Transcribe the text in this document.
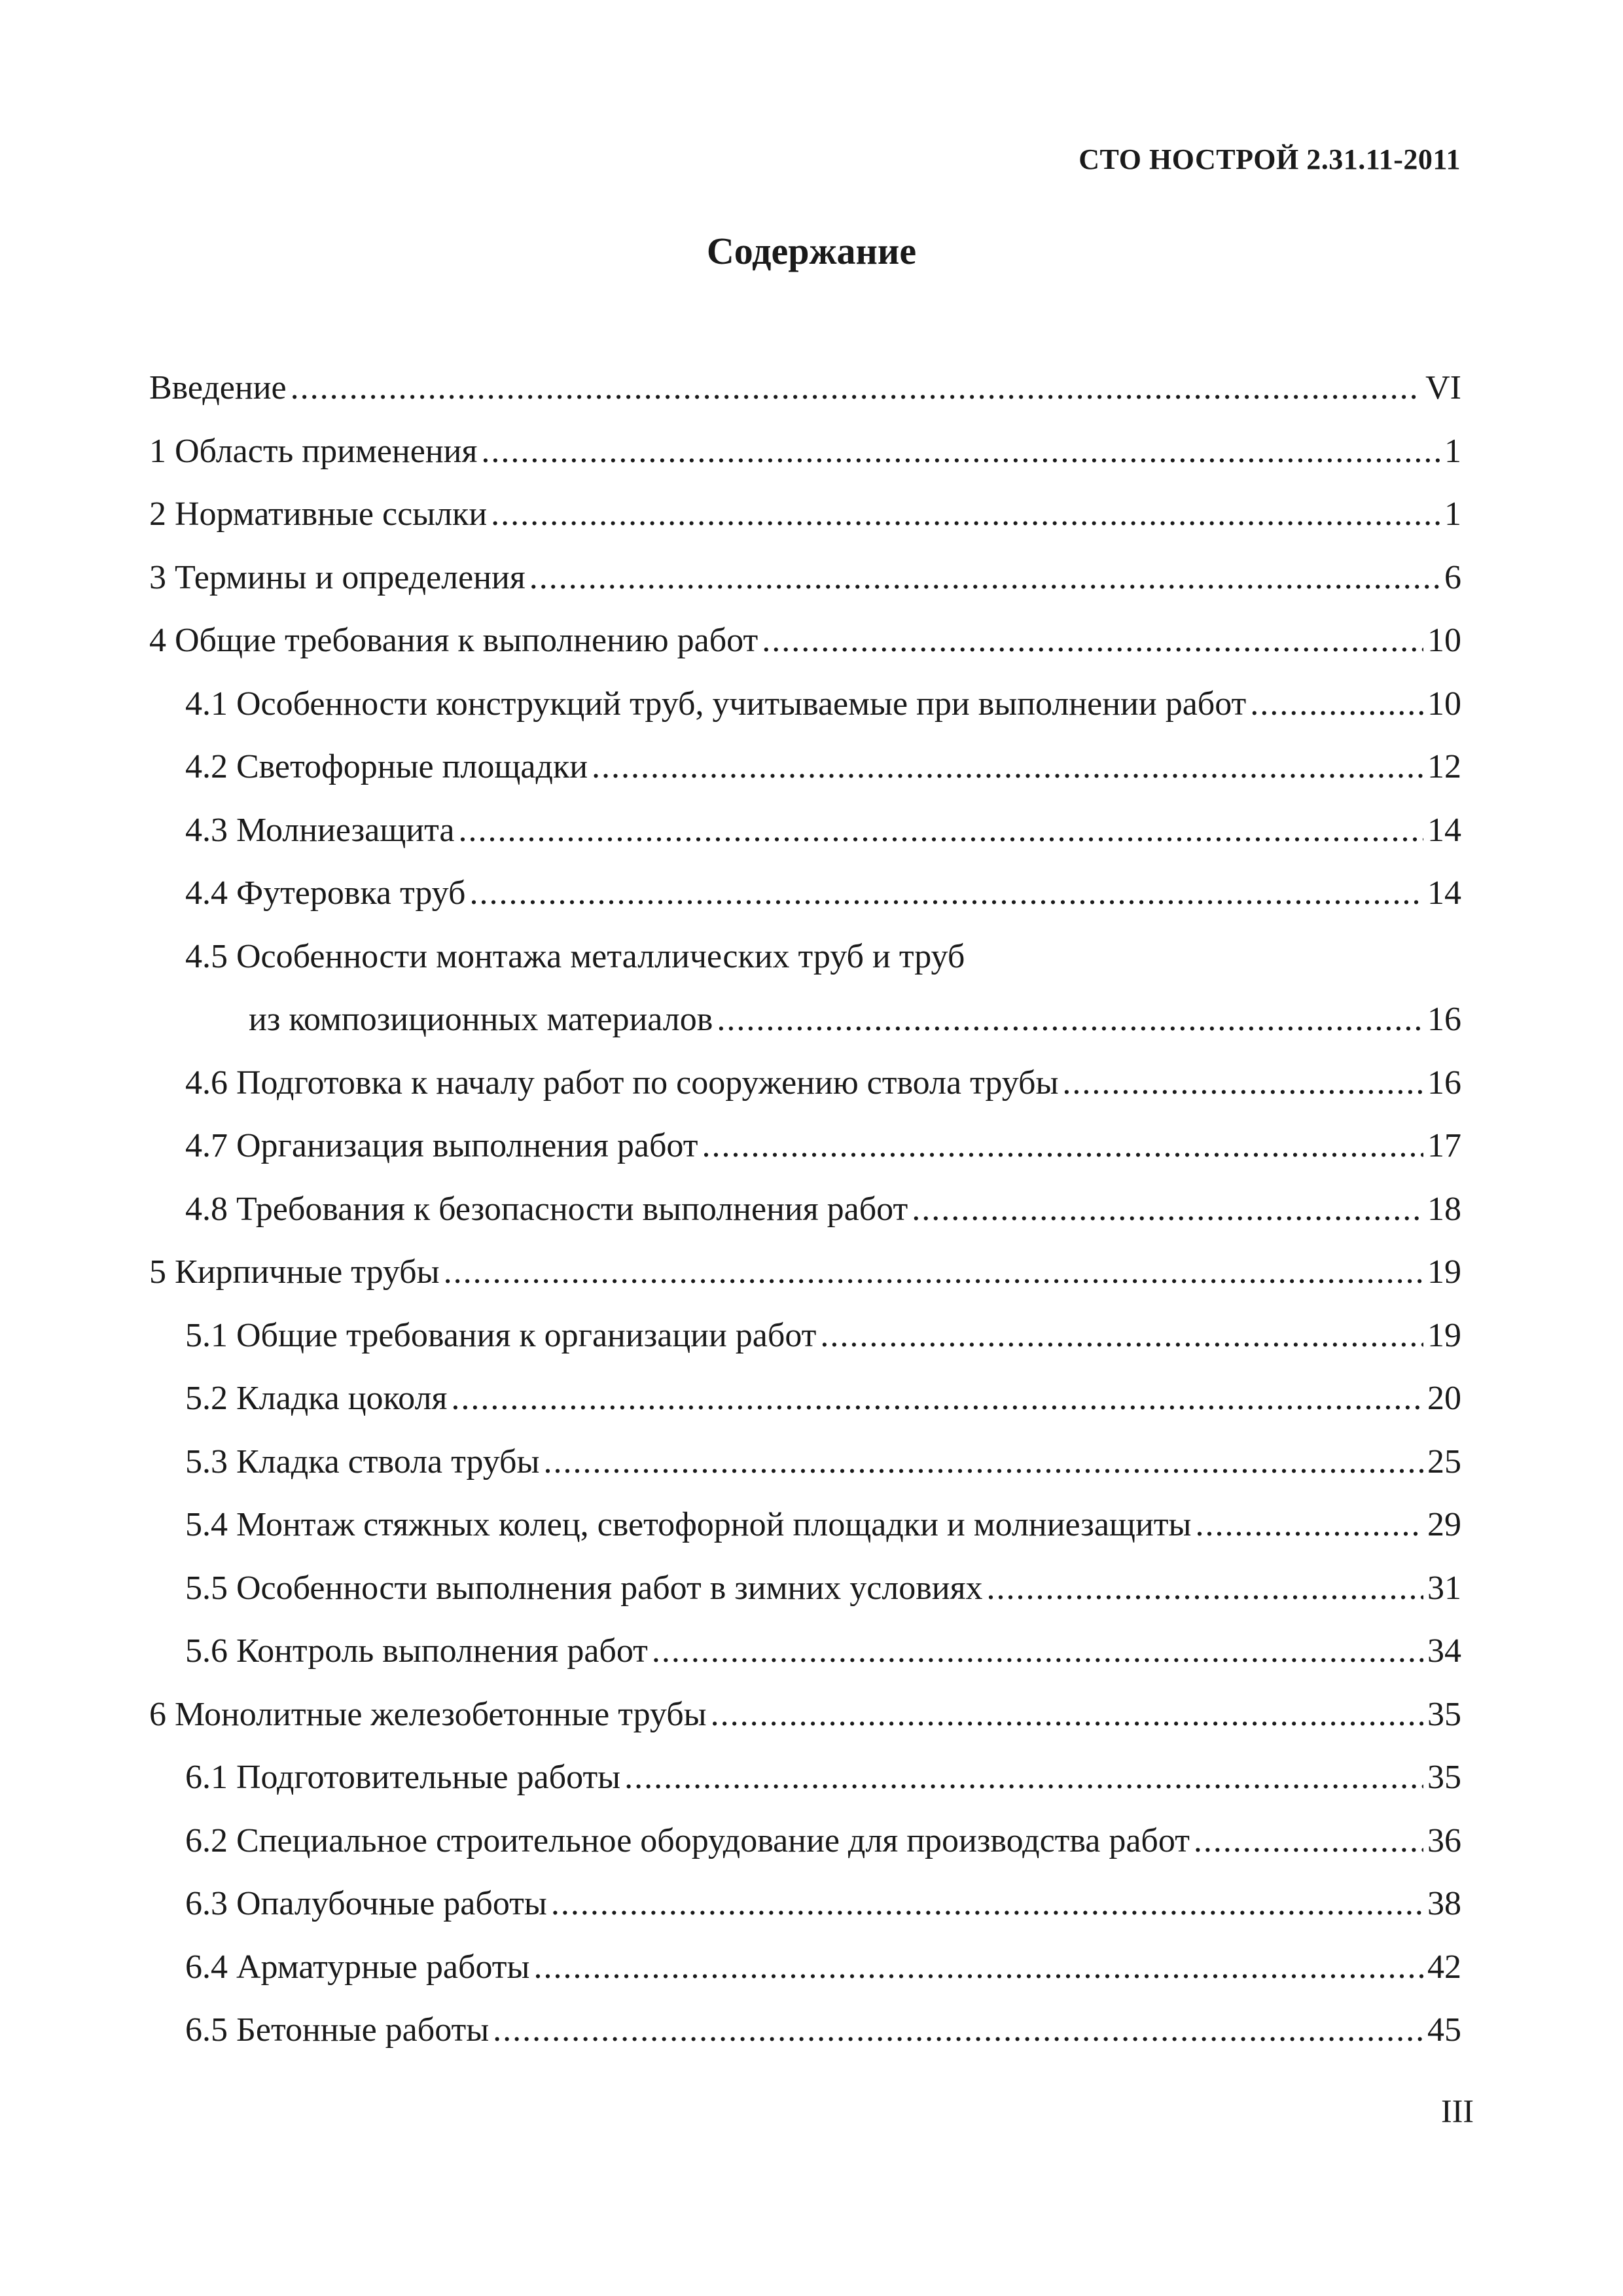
СТО НОСТРОЙ 2.31.11-2011
Содержание
Введение .....	VI
1 Область применения .....	1
2 Нормативные ссылки .....	1
3 Термины и определения .....	6
4 Общие требования к выполнению работ .....	10
4.1 Особенности конструкций труб, учитываемые при выполнении работ .....	10
4.2 Светофорные площадки .....	12
4.3 Молниезащита .....	14
4.4 Футеровка труб .....	14
4.5 Особенности монтажа металлических труб и труб
из композиционных материалов .....	16
4.6 Подготовка к началу работ по сооружению ствола трубы .....	16
4.7 Организация выполнения работ .....	17
4.8 Требования к безопасности выполнения работ .....	18
5 Кирпичные трубы .....	19
5.1 Общие требования к организации работ .....	19
5.2 Кладка цоколя .....	20
5.3 Кладка ствола трубы .....	25
5.4 Монтаж стяжных колец, светофорной площадки и молниезащиты .....	29
5.5 Особенности выполнения работ в зимних условиях .....	31
5.6 Контроль выполнения работ .....	34
6 Монолитные железобетонные трубы .....	35
6.1 Подготовительные работы .....	35
6.2 Специальное строительное оборудование для производства работ .....	36
6.3 Опалубочные работы .....	38
6.4 Арматурные работы .....	42
6.5 Бетонные работы .....	45
III
